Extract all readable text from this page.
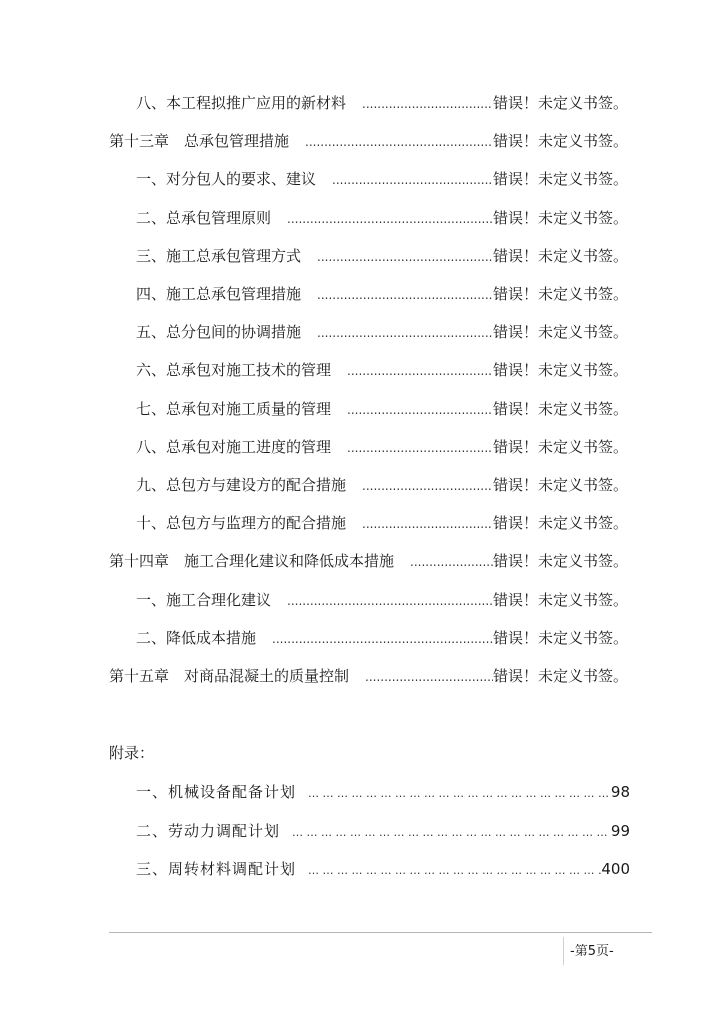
八、本工程拟推广应用的新材料 .....	错误！未定义书签。
第十三章　总承包管理措施 .....	错误！未定义书签。
一、对分包人的要求、建议 .....	错误！未定义书签。
二、总承包管理原则 .....	错误！未定义书签。
三、施工总承包管理方式 .....	错误！未定义书签。
四、施工总承包管理措施 .....	错误！未定义书签。
五、总分包间的协调措施 .....	错误！未定义书签。
六、总承包对施工技术的管理 .....	错误！未定义书签。
七、总承包对施工质量的管理 .....	错误！未定义书签。
八、总承包对施工进度的管理 .....	错误！未定义书签。
九、总包方与建设方的配合措施 .....	错误！未定义书签。
十、总包方与监理方的配合措施 .....	错误！未定义书签。
第十四章　施工合理化建议和降低成本措施 .....	错误！未定义书签。
一、施工合理化建议 .....	错误！未定义书签。
二、降低成本措施 .....	错误！未定义书签。
第十五章　对商品混凝土的质量控制 .....	错误！未定义书签。
附录：
一、机械设备配备计划 … … … … … … … … … … … … … … … … … … … … … … … … … … … … … … … … … … … … … … … … … … … …	98
二、劳动力调配计划 … … … … … … … … … … … … … … … … … … … … … … … … … … … … … … … … … … … … … … … … … … … …	99
三、周转材料调配计划 … … … … … … … … … … … … … … … … … … … … … … … … … … … … … … … … … … … … … … … … … … … …	400
-第5页-
